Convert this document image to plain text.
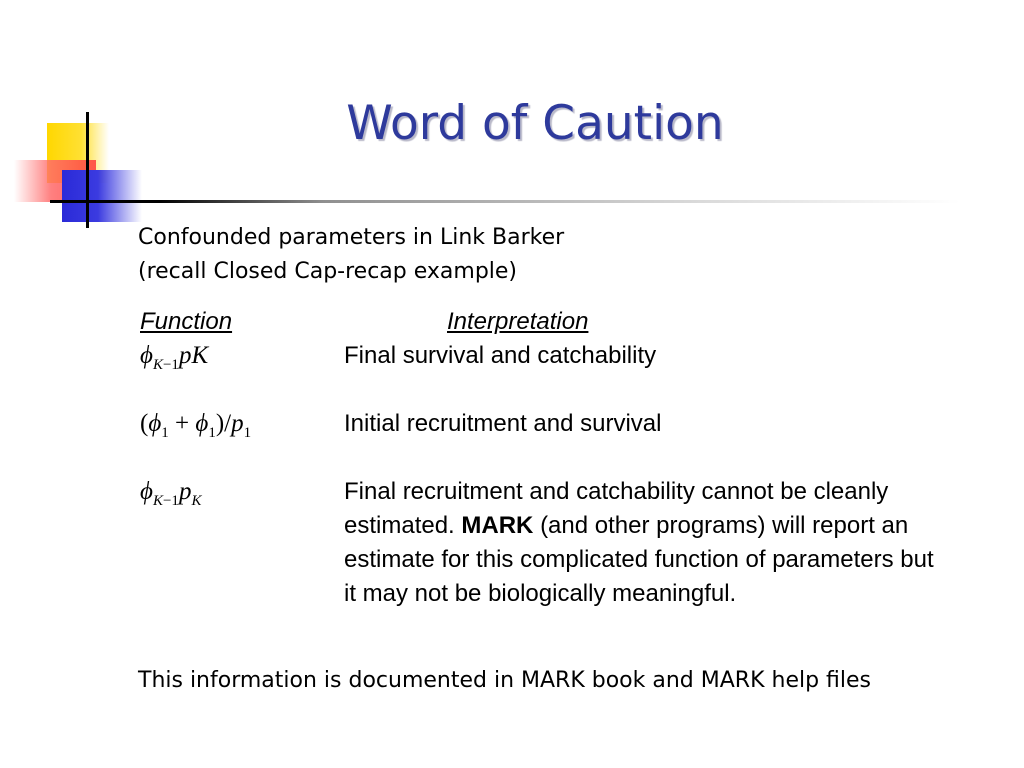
Word of Caution
Confounded parameters in Link Barker
(recall Closed Cap-recap example)
Function	Interpretation
$\phi_{K-1}pK$	Final survival and catchability
$(\phi_1 + \phi_1)/p_1$	Initial recruitment and survival
$\phi_{K-1}p_K$	Final recruitment and catchability cannot be cleanly estimated. MARK (and other programs) will report an estimate for this complicated function of parameters but it may not be biologically meaningful.
This information is documented in MARK book and MARK help files
